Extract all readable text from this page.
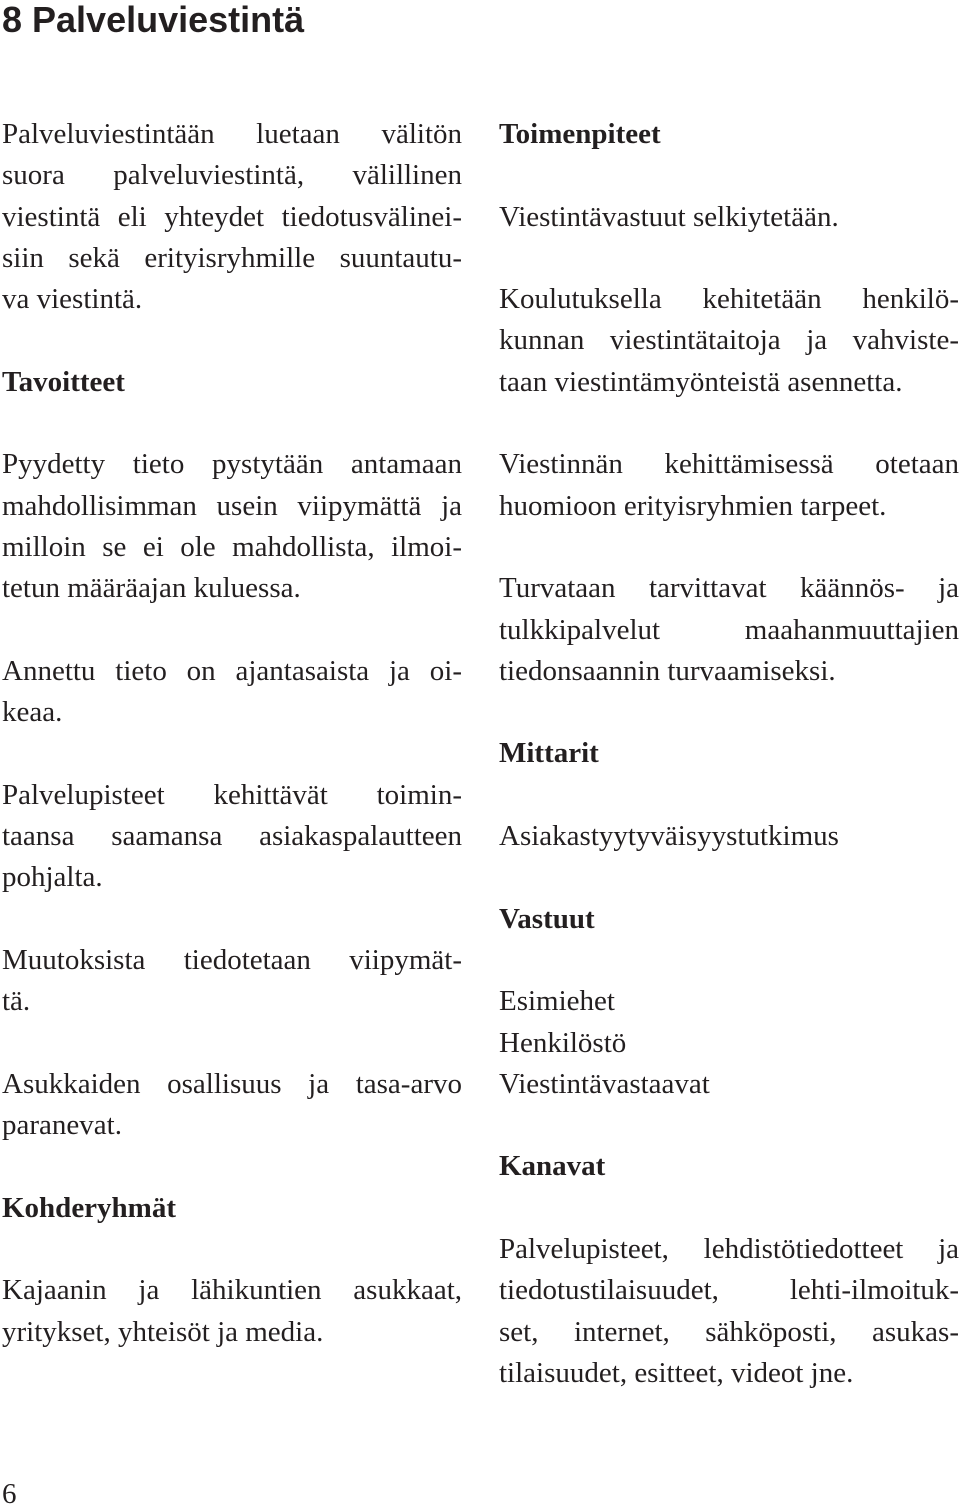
8 Palveluviestintä

Palveluviestintään luetaan välitön
suora palveluviestintä, välillinen
viestintä eli yhteydet tiedotusvälinei-
siin sekä erityisryhmille suuntautu-
va viestintä.

Tavoitteet

Pyydetty tieto pystytään antamaan
mahdollisimman usein viipymättä ja
milloin se ei ole mahdollista, ilmoi-
tetun määräajan kuluessa.

Annettu tieto on ajantasaista ja oi-
keaa.

Palvelupisteet kehittävät toimin-
taansa saamansa asiakaspalautteen
pohjalta.

Muutoksista tiedotetaan viipymät-
tä.

Asukkaiden osallisuus ja tasa-arvo
paranevat.

Kohderyhmät

Kajaanin ja lähikuntien asukkaat,
yritykset, yhteisöt ja media.

Toimenpiteet

Viestintävastuut selkiytetään.

Koulutuksella kehitetään henkilö-
kunnan viestintätaitoja ja vahviste-
taan viestintämyönteistä asennetta.

Viestinnän kehittämisessä otetaan
huomioon erityisryhmien tarpeet.

Turvataan tarvittavat käännös- ja
tulkkipalvelut maahanmuuttajien
tiedonsaannin turvaamiseksi.

Mittarit

Asiakastyytyväisyystutkimus

Vastuut

Esimiehet
Henkilöstö
Viestintävastaavat

Kanavat

Palvelupisteet, lehdistötiedotteet ja
tiedotustilaisuudet, lehti-ilmoituk-
set, internet, sähköposti, asukas-
tilaisuudet, esitteet, videot jne.

6
